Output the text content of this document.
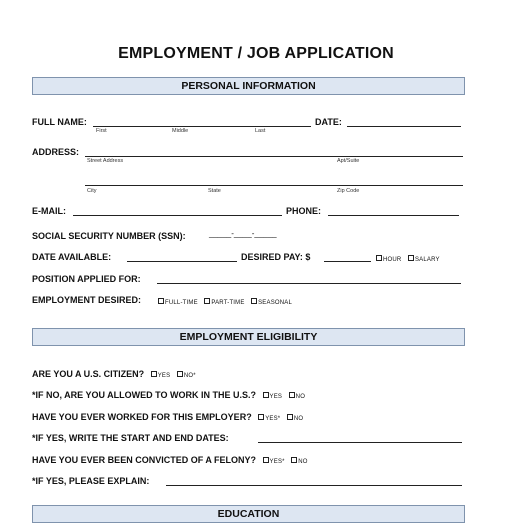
EMPLOYMENT / JOB APPLICATION
PERSONAL INFORMATION
FULL NAME:
First	Middle	Last
DATE:
ADDRESS:
Street Address	Apt/Suite
City	State	Zip Code
E-MAIL:	PHONE:
SOCIAL SECURITY NUMBER (SSN):	_____-____-_____
DATE AVAILABLE:	DESIRED PAY: $	HOUR SALARY
POSITION APPLIED FOR:
EMPLOYMENT DESIRED:	FULL-TIME PART-TIME SEASONAL
EMPLOYMENT ELIGIBILITY
ARE YOU A U.S. CITIZEN? YES NO*
*IF NO, ARE YOU ALLOWED TO WORK IN THE U.S.? YES NO
HAVE YOU EVER WORKED FOR THIS EMPLOYER? YES* NO
*IF YES, WRITE THE START AND END DATES:
HAVE YOU EVER BEEN CONVICTED OF A FELONY? YES* NO
*IF YES, PLEASE EXPLAIN:
EDUCATION
